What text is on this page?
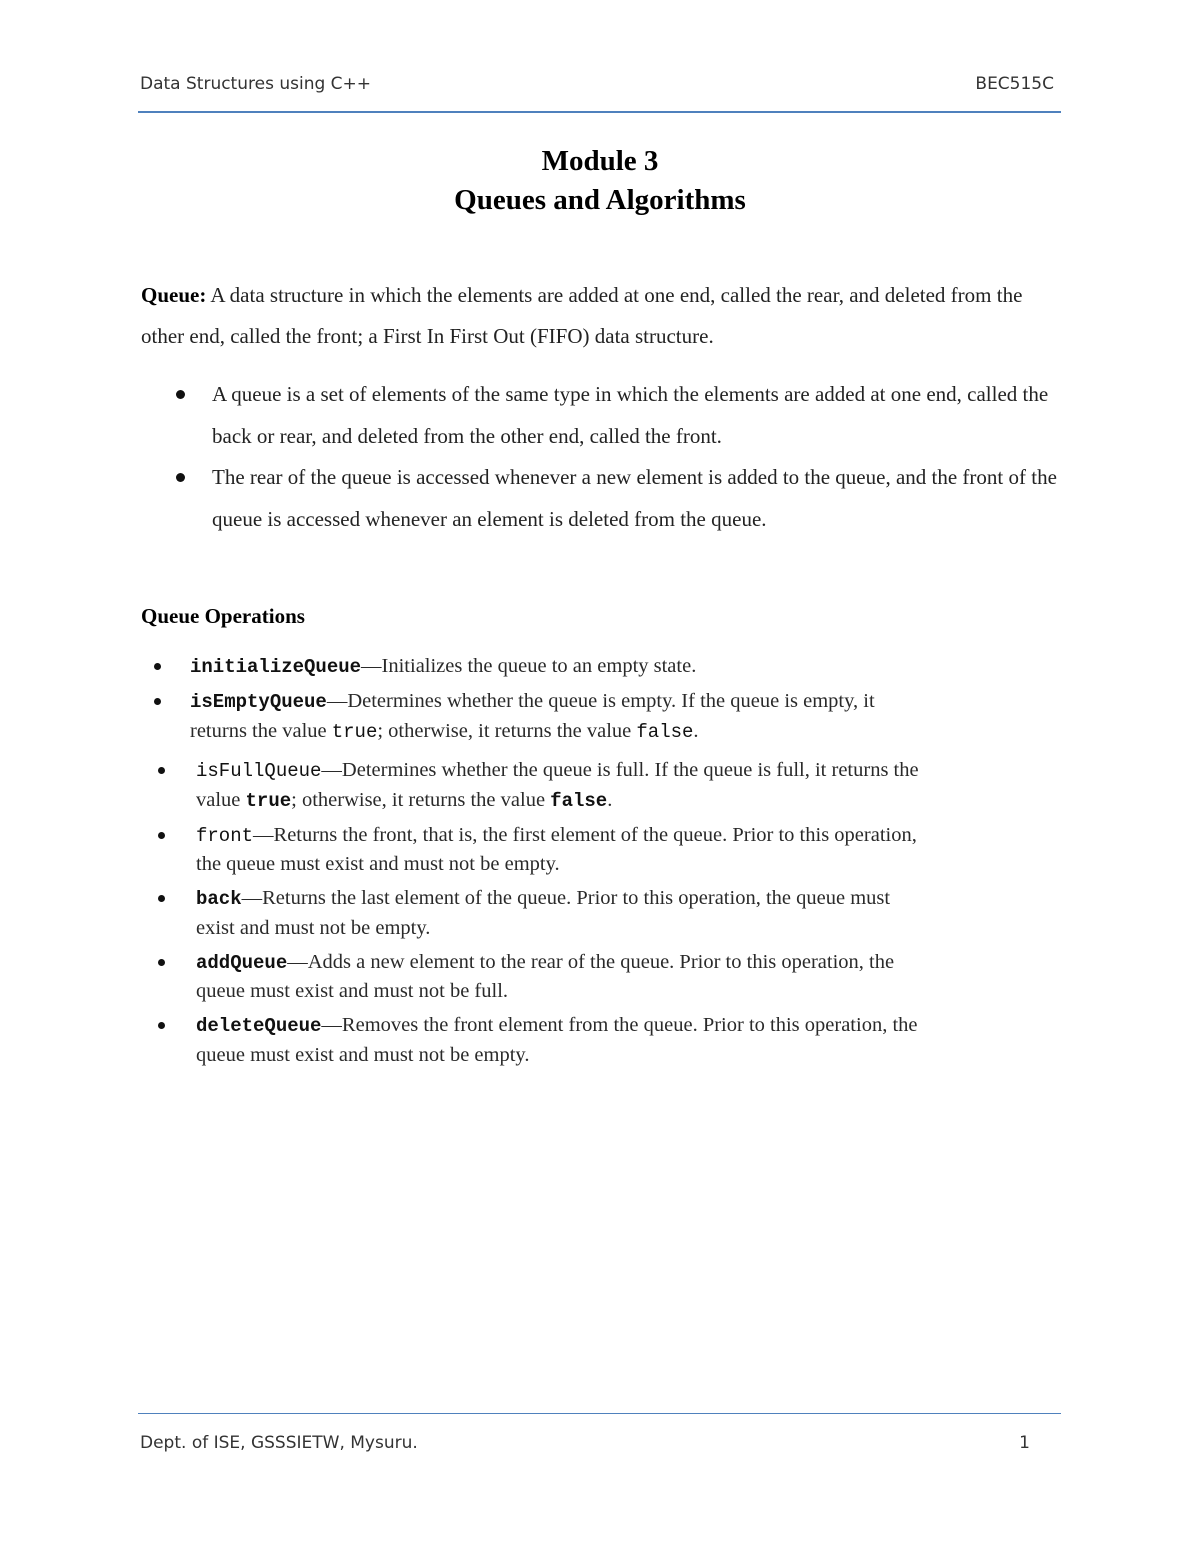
Data Structures using C++	BEC515C
Module 3
Queues and Algorithms
Queue: A data structure in which the elements are added at one end, called the rear, and deleted from the other end, called the front; a First In First Out (FIFO) data structure.
A queue is a set of elements of the same type in which the elements are added at one end, called the back or rear, and deleted from the other end, called the front.
The rear of the queue is accessed whenever a new element is added to the queue, and the front of the queue is accessed whenever an element is deleted from the queue.
Queue Operations
initializeQueue—Initializes the queue to an empty state.
isEmptyQueue—Determines whether the queue is empty. If the queue is empty, it returns the value true; otherwise, it returns the value false.
isFullQueue—Determines whether the queue is full. If the queue is full, it returns the value true; otherwise, it returns the value false.
front—Returns the front, that is, the first element of the queue. Prior to this operation, the queue must exist and must not be empty.
back—Returns the last element of the queue. Prior to this operation, the queue must exist and must not be empty.
addQueue—Adds a new element to the rear of the queue. Prior to this operation, the queue must exist and must not be full.
deleteQueue—Removes the front element from the queue. Prior to this operation, the queue must exist and must not be empty.
Dept. of ISE, GSSSIETW, Mysuru.	1
